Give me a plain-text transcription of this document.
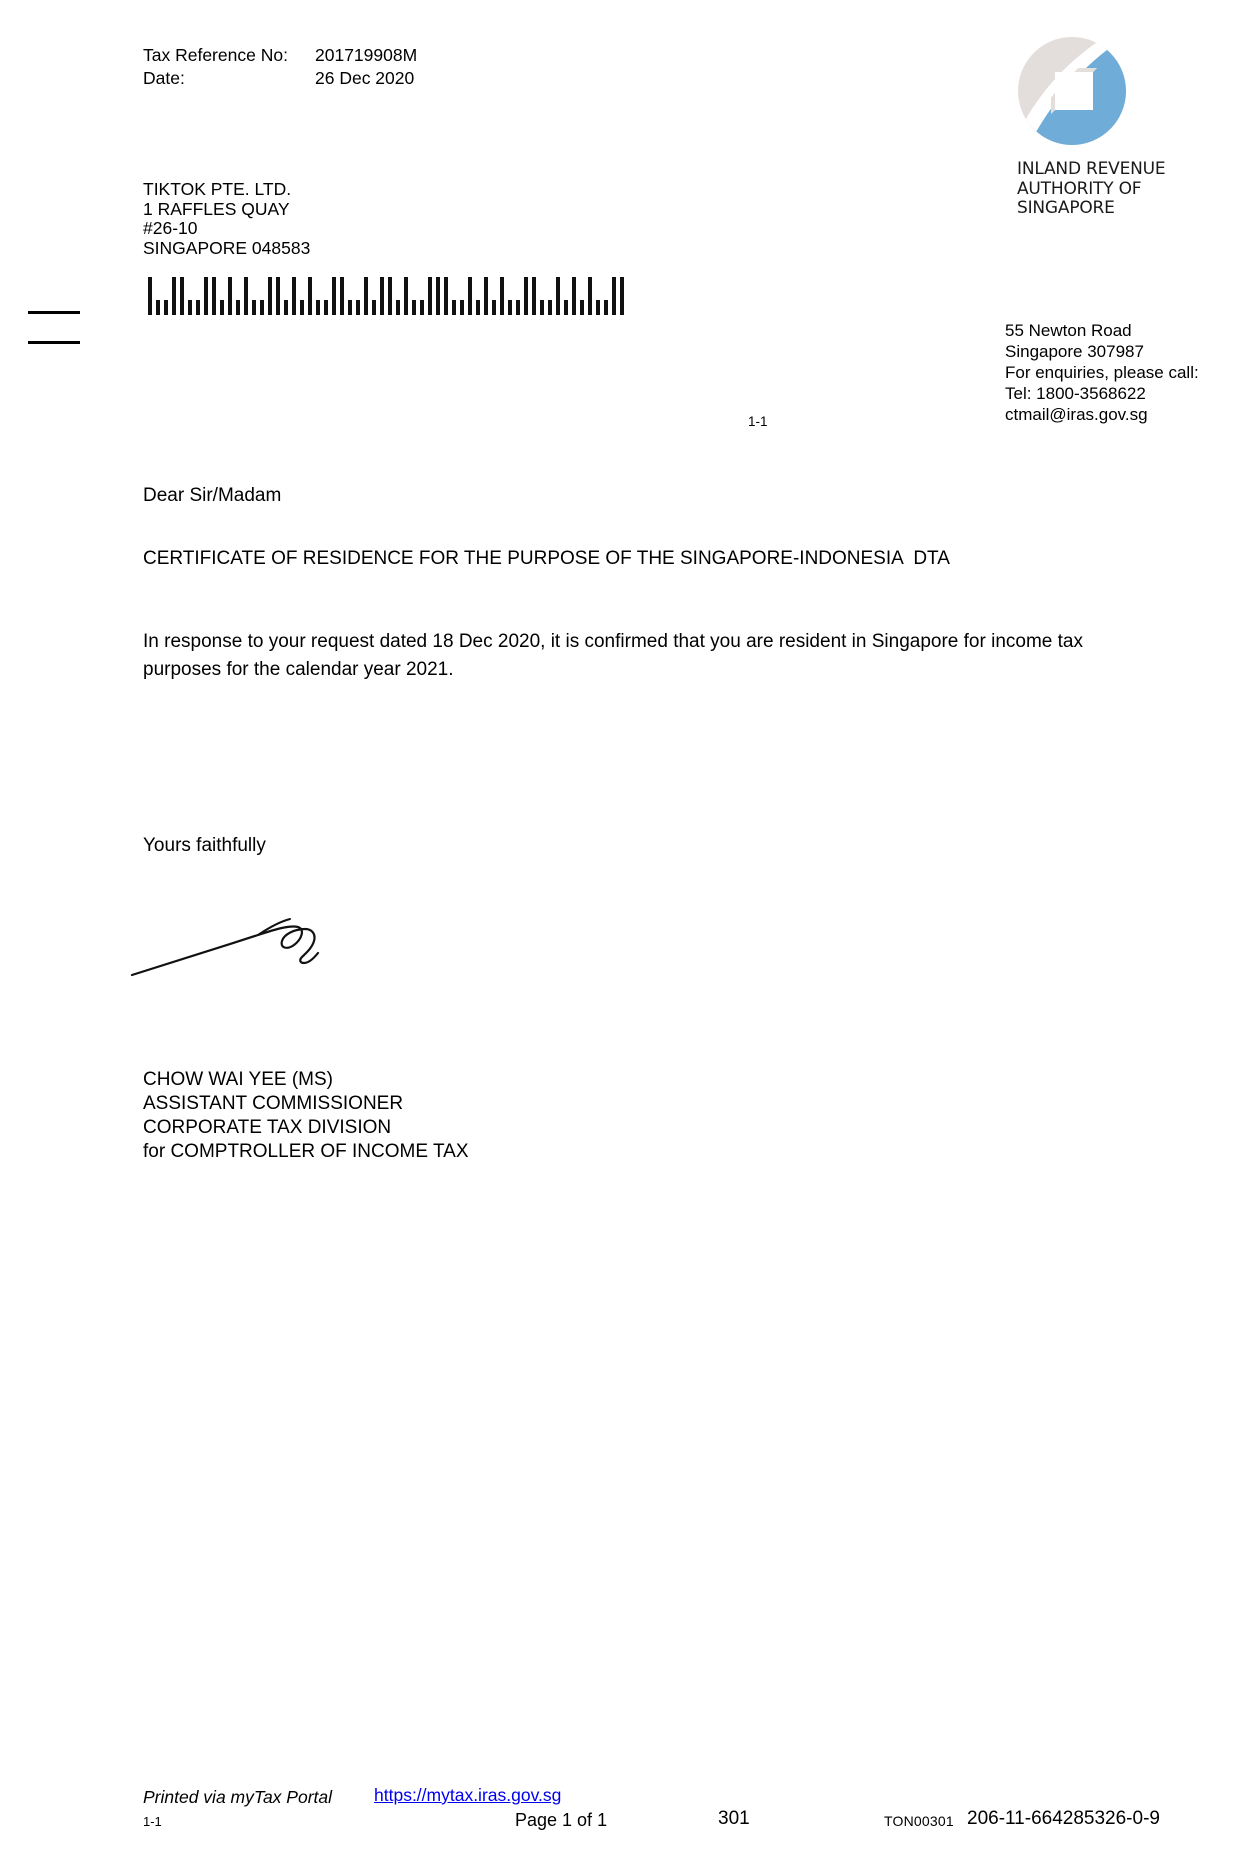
Tax Reference No:	201719908M
Date:	26 Dec 2020
INLAND REVENUE
AUTHORITY OF
SINGAPORE
TIKTOK PTE. LTD.
1 RAFFLES QUAY
#26-10
SINGAPORE 048583
55 Newton Road
Singapore 307987
For enquiries, please call:
Tel: 1800-3568622
ctmail@iras.gov.sg
1-1
Dear Sir/Madam
CERTIFICATE OF RESIDENCE FOR THE PURPOSE OF THE SINGAPORE-INDONESIA  DTA
In response to your request dated 18 Dec 2020, it is confirmed that you are resident in Singapore for income tax purposes for the calendar year 2021.
Yours faithfully
CHOW WAI YEE (MS)
ASSISTANT COMMISSIONER
CORPORATE TAX DIVISION
for COMPTROLLER OF INCOME TAX
Printed via myTax Portal https://mytax.iras.gov.sg
1-1	Page 1 of 1	301	TON00301 206-11-664285326-0-9
